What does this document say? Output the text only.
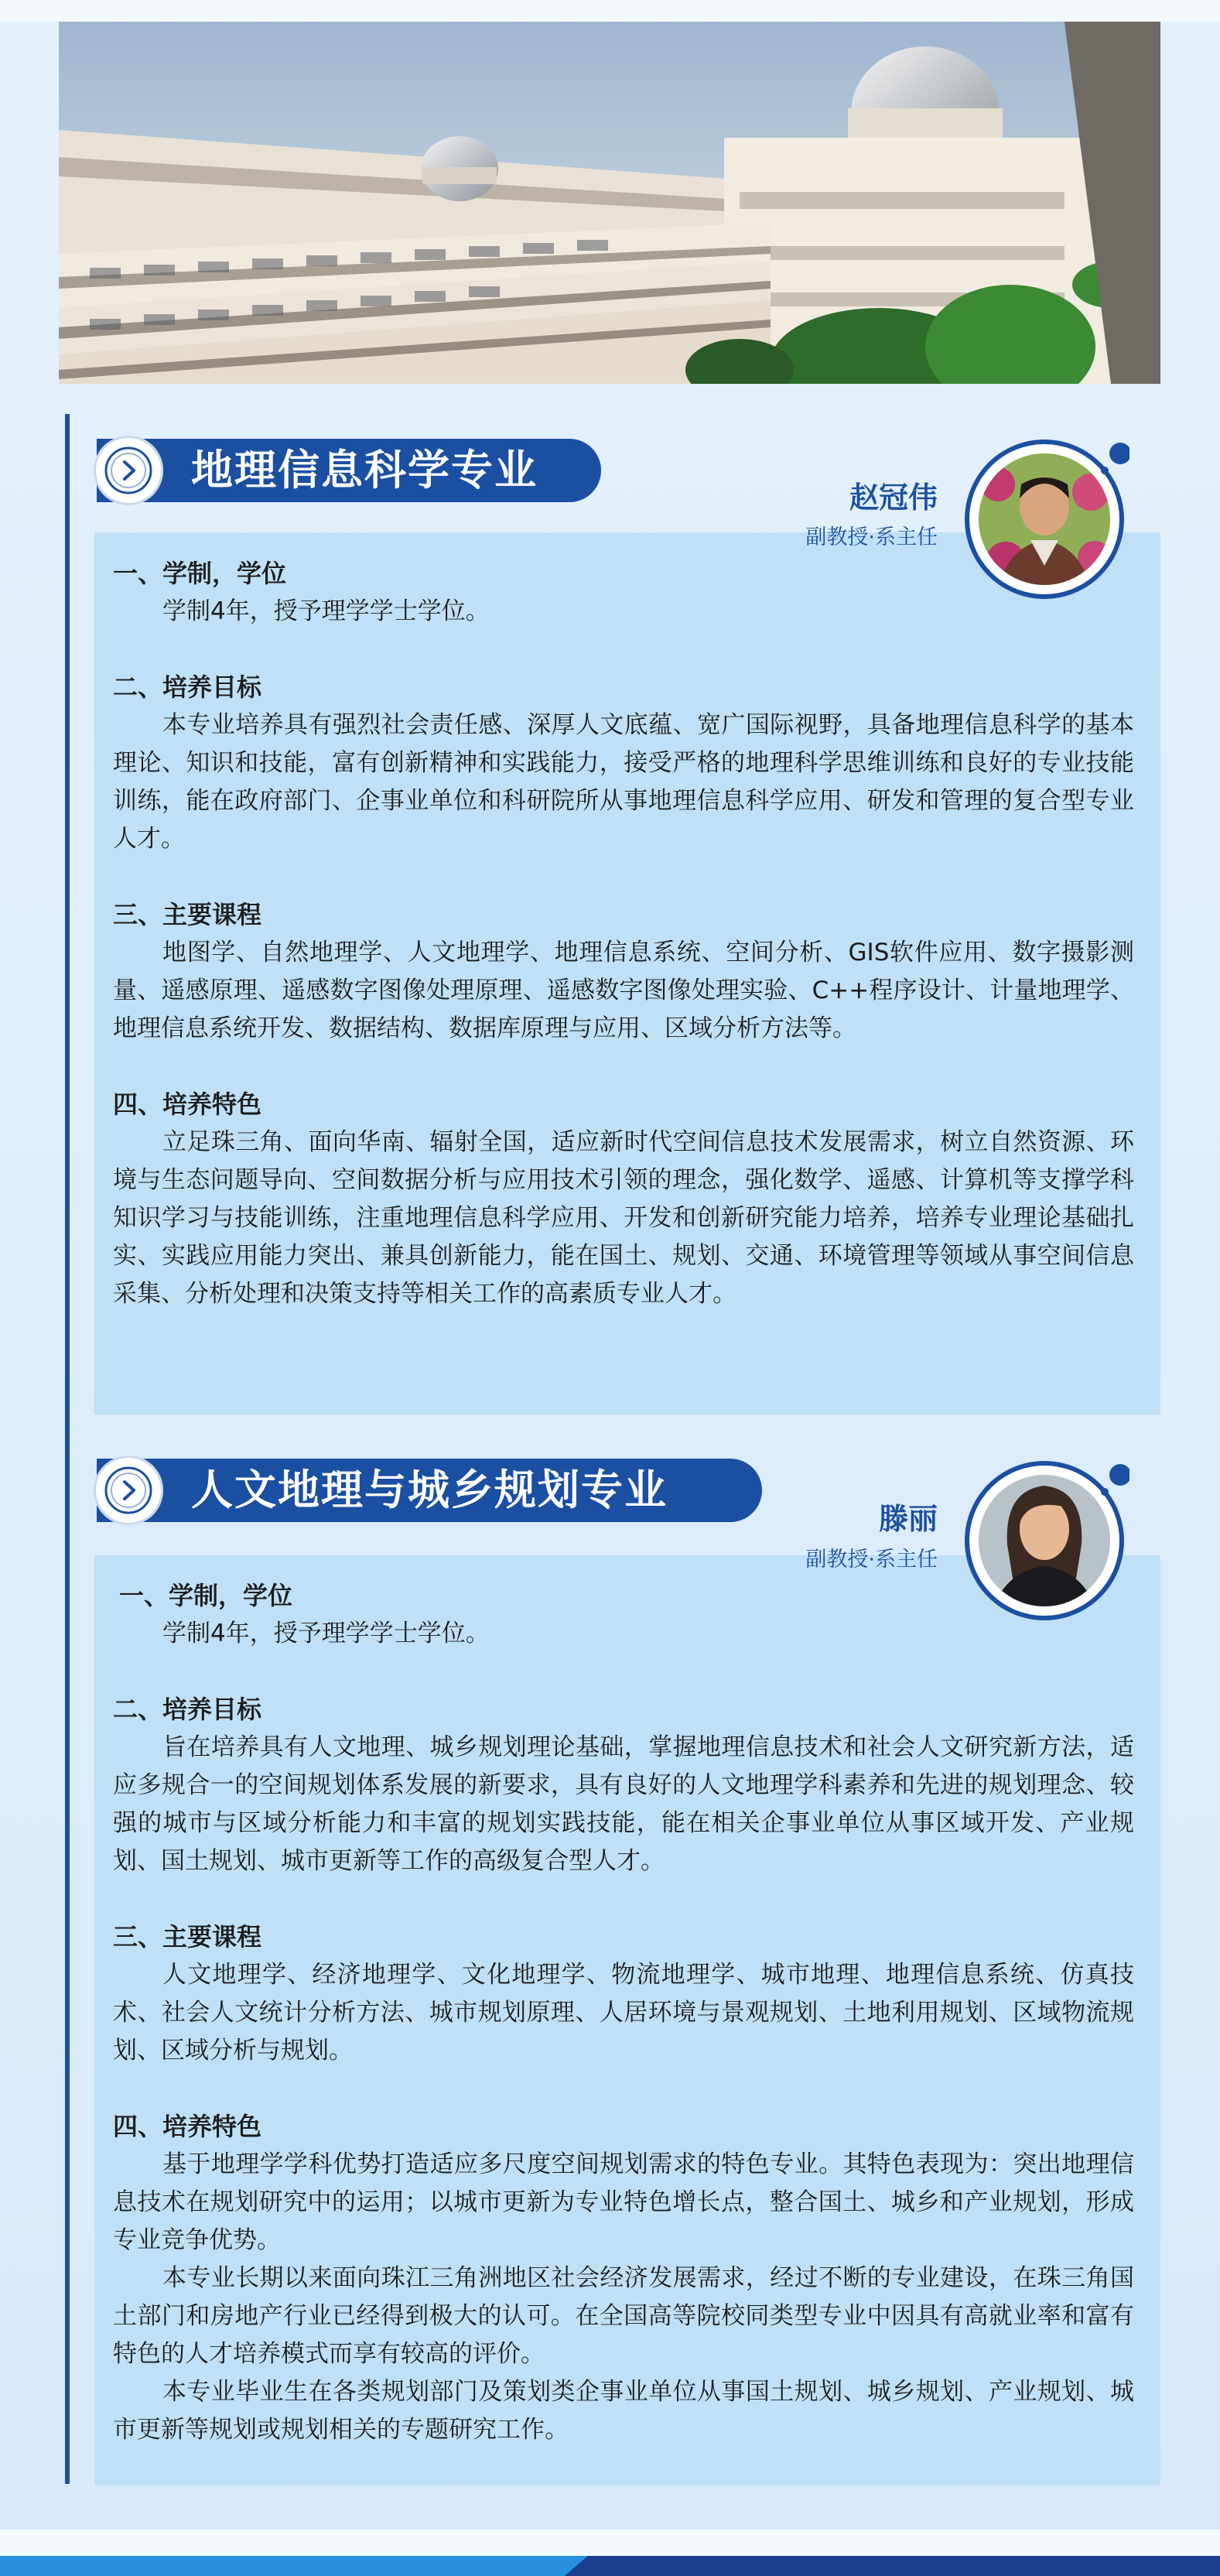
地理信息科学专业
赵冠伟
副教授·系主任
一、学制，学位

学制4年，授予理学学士学位。

二、培养目标

本专业培养具有强烈社会责任感、深厚人文底蕴、宽广国际视野，具备地理信息科学的基本理论、知识和技能，富有创新精神和实践能力，接受严格的地理科学思维训练和良好的专业技能训练，能在政府部门、企事业单位和科研院所从事地理信息科学应用、研发和管理的复合型专业人才。

三、主要课程

地图学、自然地理学、人文地理学、地理信息系统、空间分析、GIS软件应用、数字摄影测量、遥感原理、遥感数字图像处理原理、遥感数字图像处理实验、C++程序设计、计量地理学、地理信息系统开发、数据结构、数据库原理与应用、区域分析方法等。

四、培养特色

立足珠三角、面向华南、辐射全国，适应新时代空间信息技术发展需求，树立自然资源、环境与生态问题导向、空间数据分析与应用技术引领的理念，强化数学、遥感、计算机等支撑学科知识学习与技能训练，注重地理信息科学应用、开发和创新研究能力培养，培养专业理论基础扎实、实践应用能力突出、兼具创新能力，能在国土、规划、交通、环境管理等领域从事空间信息采集、分析处理和决策支持等相关工作的高素质专业人才。

人文地理与城乡规划专业
滕丽
副教授·系主任
一、学制，学位

学制4年，授予理学学士学位。

二、培养目标

旨在培养具有人文地理、城乡规划理论基础，掌握地理信息技术和社会人文研究新方法，适应多规合一的空间规划体系发展的新要求，具有良好的人文地理学科素养和先进的规划理念、较强的城市与区域分析能力和丰富的规划实践技能，能在相关企事业单位从事区域开发、产业规划、国土规划、城市更新等工作的高级复合型人才。

三、主要课程

人文地理学、经济地理学、文化地理学、物流地理学、城市地理、地理信息系统、仿真技术、社会人文统计分析方法、城市规划原理、人居环境与景观规划、土地利用规划、区域物流规划、区域分析与规划。

四、培养特色

基于地理学学科优势打造适应多尺度空间规划需求的特色专业。其特色表现为：突出地理信息技术在规划研究中的运用；以城市更新为专业特色增长点，整合国土、城乡和产业规划，形成专业竞争优势。

本专业长期以来面向珠江三角洲地区社会经济发展需求，经过不断的专业建设，在珠三角国土部门和房地产行业已经得到极大的认可。在全国高等院校同类型专业中因具有高就业率和富有特色的人才培养模式而享有较高的评价。

本专业毕业生在各类规划部门及策划类企事业单位从事国土规划、城乡规划、产业规划、城市更新等规划或规划相关的专题研究工作。
